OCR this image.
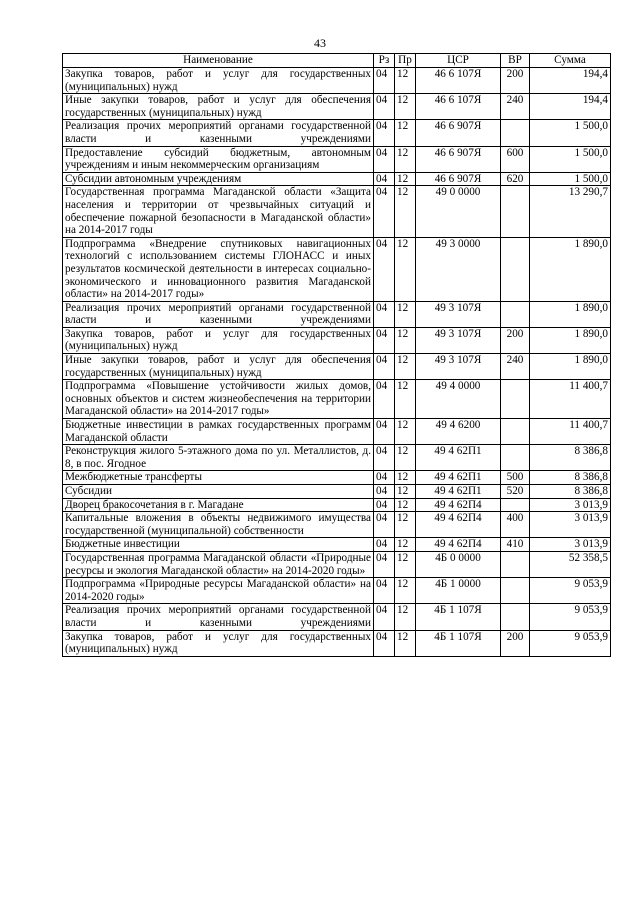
43
Наименование	Рз	Пр	ЦСР	ВР	Сумма
Закупка товаров, работ и услуг для государственных (муниципальных) нужд	04	12	46 6 107Я	200	194,4
Иные закупки товаров, работ и услуг для обеспечения государственных (муниципальных) нужд	04	12	46 6 107Я	240	194,4
Реализация прочих мероприятий органами государственной власти и казенными учреждениями	04	12	46 6 907Я		1 500,0
Предоставление субсидий бюджетным, автономным учреждениям и иным некоммерческим организациям	04	12	46 6 907Я	600	1 500,0
Субсидии автономным учреждениям	04	12	46 6 907Я	620	1 500,0
Государственная программа Магаданской области «Защита населения и территории от чрезвычайных ситуаций и обеспечение пожарной безопасности в Магаданской области» на 2014-2017 годы	04	12	49 0 0000		13 290,7
Подпрограмма «Внедрение спутниковых навигационных технологий с использованием системы ГЛОНАСС и иных результатов космической деятельности в интересах социально-экономического и инновационного развития Магаданской области» на 2014-2017 годы»	04	12	49 3 0000		1 890,0
Реализация прочих мероприятий органами государственной власти и казенными учреждениями	04	12	49 3 107Я		1 890,0
Закупка товаров, работ и услуг для государственных (муниципальных) нужд	04	12	49 3 107Я	200	1 890,0
Иные закупки товаров, работ и услуг для обеспечения государственных (муниципальных) нужд	04	12	49 3 107Я	240	1 890,0
Подпрограмма «Повышение устойчивости жилых домов, основных объектов и систем жизнеобеспечения на территории Магаданской области» на 2014-2017 годы»	04	12	49 4 0000		11 400,7
Бюджетные инвестиции в рамках государственных программ Магаданской области	04	12	49 4 6200		11 400,7
Реконструкция жилого 5-этажного дома по ул. Металлистов, д. 8, в пос. Ягодное	04	12	49 4 62П1		8 386,8
Межбюджетные трансферты	04	12	49 4 62П1	500	8 386,8
Субсидии	04	12	49 4 62П1	520	8 386,8
Дворец бракосочетания в г. Магадане	04	12	49 4 62П4		3 013,9
Капитальные вложения в объекты недвижимого имущества государственной (муниципальной) собственности	04	12	49 4 62П4	400	3 013,9
Бюджетные инвестиции	04	12	49 4 62П4	410	3 013,9
Государственная программа Магаданской области «Природные ресурсы и экология Магаданской области» на 2014-2020 годы»	04	12	4Б 0 0000		52 358,5
Подпрограмма «Природные ресурсы Магаданской области» на 2014-2020 годы»	04	12	4Б 1 0000		9 053,9
Реализация прочих мероприятий органами государственной власти и казенными учреждениями	04	12	4Б 1 107Я		9 053,9
Закупка товаров, работ и услуг для государственных (муниципальных) нужд	04	12	4Б 1 107Я	200	9 053,9
